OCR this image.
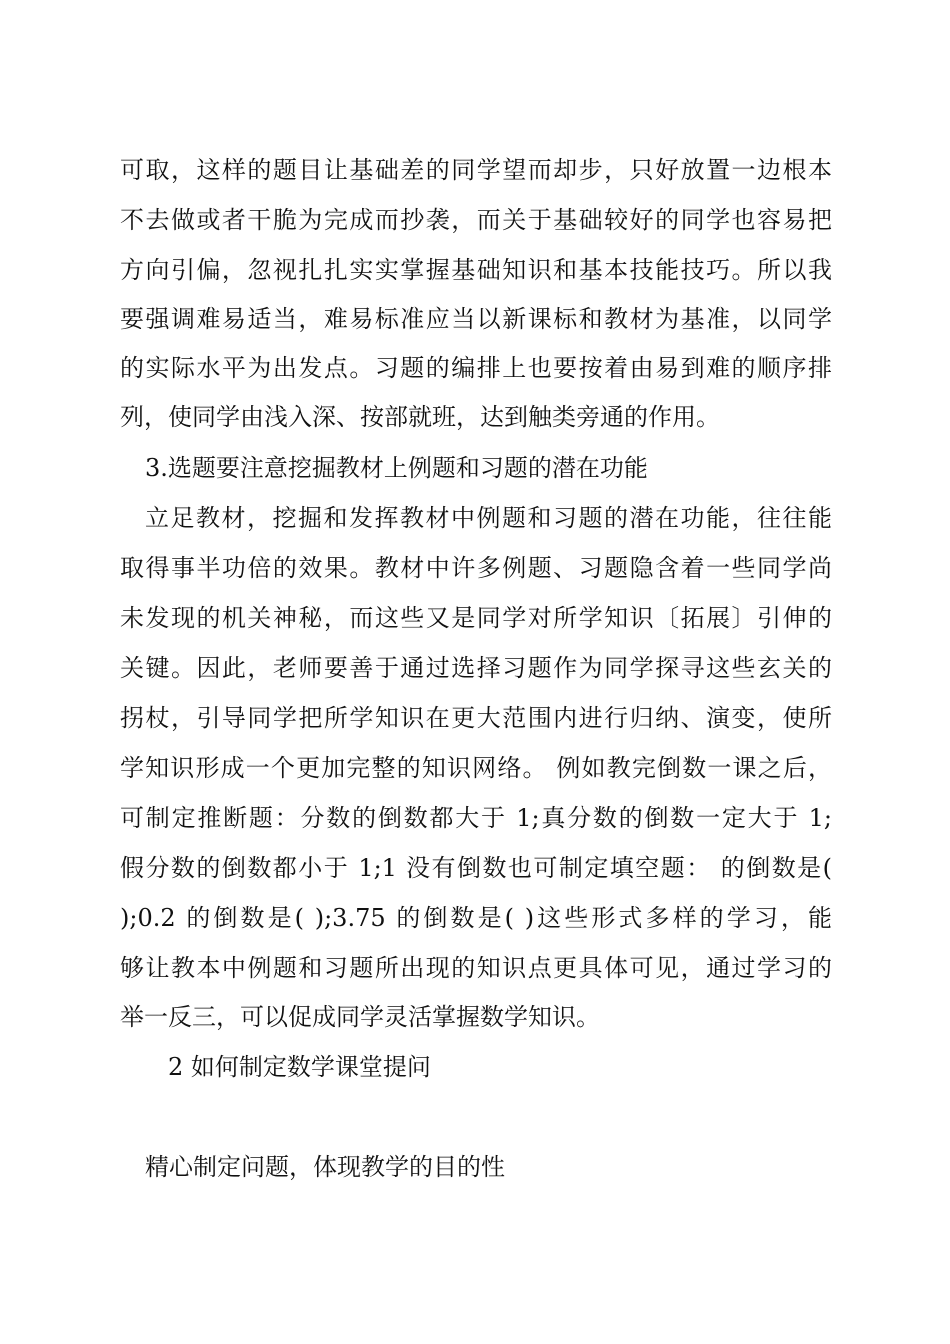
可取，这样的题目让基础差的同学望而却步，只好放置一边根本
不去做或者干脆为完成而抄袭，而关于基础较好的同学也容易把
方向引偏，忽视扎扎实实掌握基础知识和基本技能技巧。所以我
要强调难易适当，难易标准应当以新课标和教材为基准，以同学
的实际水平为出发点。习题的编排上也要按着由易到难的顺序排
列，使同学由浅入深、按部就班，达到触类旁通的作用。
3.选题要注意挖掘教材上例题和习题的潜在功能
立足教材，挖掘和发挥教材中例题和习题的潜在功能，往往能
取得事半功倍的效果。教材中许多例题、习题隐含着一些同学尚
未发现的机关神秘，而这些又是同学对所学知识〔拓展〕引伸的
关键。因此，老师要善于通过选择习题作为同学探寻这些玄关的
拐杖，引导同学把所学知识在更大范围内进行归纳、演变，使所
学知识形成一个更加完整的知识网络。 例如教完倒数一课之后，
可制定推断题：分数的倒数都大于 1;真分数的倒数一定大于 1;
假分数的倒数都小于 1;1 没有倒数也可制定填空题： 的倒数是(
);0.2 的倒数是( );3.75 的倒数是( )这些形式多样的学习，能
够让教本中例题和习题所出现的知识点更具体可见，通过学习的
举一反三，可以促成同学灵活掌握数学知识。
2 如何制定数学课堂提问
精心制定问题，体现教学的目的性
